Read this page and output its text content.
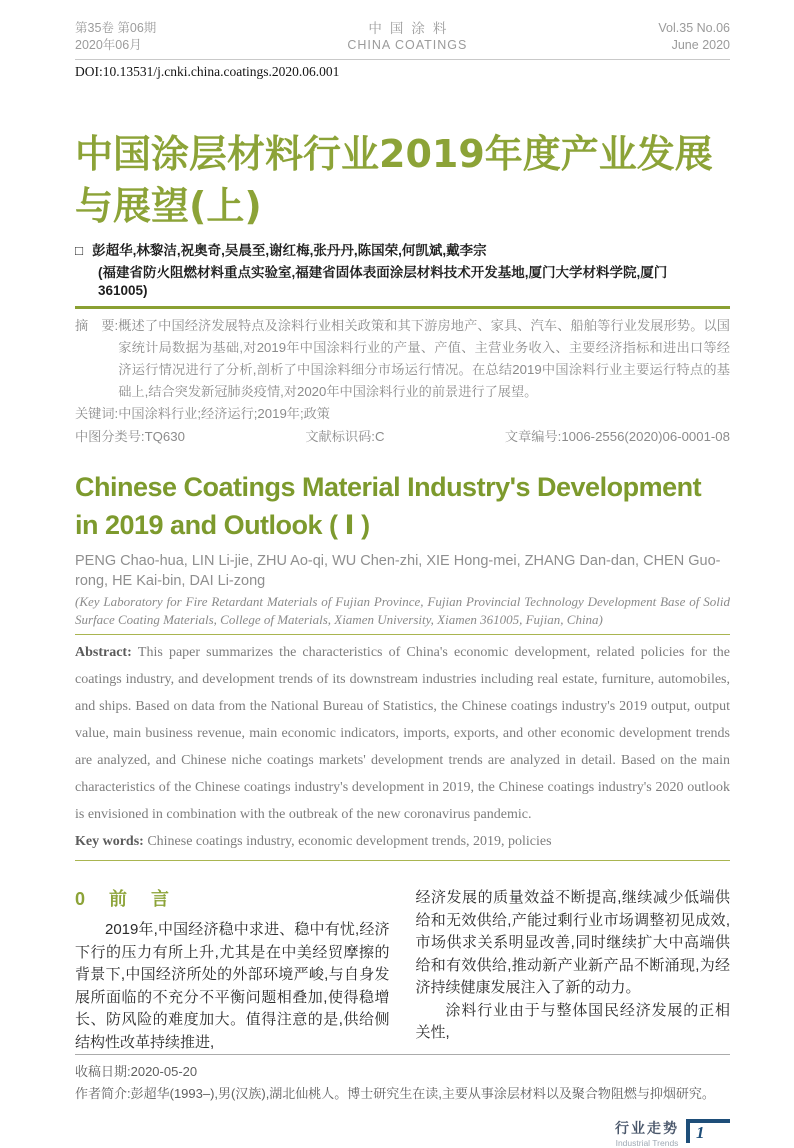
第35卷 第06期
2020年06月
中国涂料
CHINA COATINGS
Vol.35 No.06
June 2020
DOI:10.13531/j.cnki.china.coatings.2020.06.001
中国涂层材料行业2019年度产业发展与展望(上)
□ 彭超华,林黎洁,祝奥奇,吴晨至,谢红梅,张丹丹,陈国荣,何凯斌,戴李宗
(福建省防火阻燃材料重点实验室,福建省固体表面涂层材料技术开发基地,厦门大学材料学院,厦门　361005)
摘　要: 概述了中国经济发展特点及涂料行业相关政策和其下游房地产、家具、汽车、船舶等行业发展形势。以国家统计局数据为基础,对2019年中国涂料行业的产量、产值、主营业务收入、主要经济指标和进出口等经济运行情况进行了分析,剖析了中国涂料细分市场运行情况。在总结2019中国涂料行业主要运行特点的基础上,结合突发新冠肺炎疫情,对2020年中国涂料行业的前景进行了展望。
关键词:中国涂料行业;经济运行;2019年;政策
中图分类号:TQ630	文献标识码:C	文章编号:1006-2556(2020)06-0001-08
Chinese Coatings Material Industry's Development in 2019 and Outlook ( Ⅰ )
PENG Chao-hua, LIN Li-jie, ZHU Ao-qi, WU Chen-zhi, XIE Hong-mei, ZHANG Dan-dan, CHEN Guo-rong, HE Kai-bin, DAI Li-zong
(Key Laboratory for Fire Retardant Materials of Fujian Province, Fujian Provincial Technology Development Base of Solid Surface Coating Materials, College of Materials, Xiamen University, Xiamen 361005, Fujian, China)

Abstract: This paper summarizes the characteristics of China's economic development, related policies for the coatings industry, and development trends of its downstream industries including real estate, furniture, automobiles, and ships. Based on data from the National Bureau of Statistics, the Chinese coatings industry's 2019 output, output value, main business revenue, main economic indicators, imports, exports, and other economic development trends are analyzed, and Chinese niche coatings markets' development trends are analyzed in detail. Based on the main characteristics of the Chinese coatings industry's development in 2019, the Chinese coatings industry's 2020 outlook is envisioned in combination with the outbreak of the new coronavirus pandemic.

Key words: Chinese coatings industry, economic development trends, 2019, policies

0　前　言

2019年,中国经济稳中求进、稳中有忧,经济下行的压力有所上升,尤其是在中美经贸摩擦的背景下,中国经济所处的外部环境严峻,与自身发展所面临的不充分不平衡问题相叠加,使得稳增长、防风险的难度加大。值得注意的是,供给侧结构性改革持续推进,

经济发展的质量效益不断提高,继续减少低端供给和无效供给,产能过剩行业市场调整初见成效,市场供求关系明显改善,同时继续扩大中高端供给和有效供给,推动新产业新产品不断涌现,为经济持续健康发展注入了新的动力。

涂料行业由于与整体国民经济发展的正相关性,

收稿日期:2020-05-20
作者简介:彭超华(1993–),男(汉族),湖北仙桃人。博士研究生在读,主要从事涂层材料以及聚合物阻燃与抑烟研究。
行业走势
Industrial Trends
1
